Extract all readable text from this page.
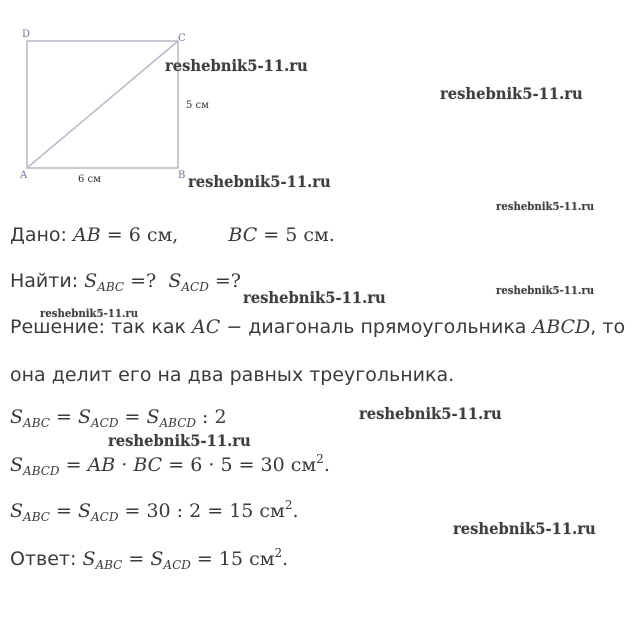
D	C
A	B
6 см
5 см
Дано: AB = 6 см,	BC = 5 см.
Найти: $S_{ABC}$ =? $S_{ACD}$ =?
Решение: так как AC − диагональ прямоугольника ABCD, то
она делит его на два равных треугольника.
$S_{ABC} = S_{ACD} = S_{ABCD}$ : 2
$S_{ABCD}$ = AB · BC = 6 · 5 = 30 $см^2$.
$S_{ABC} = S_{ACD} = 30$ : 2 = 15 $см^2$.
Ответ: $S_{ABC} = S_{ACD} = 15$ $см^2$.
reshebnik5-11.ru
reshebnik5-11.ru
reshebnik5-11.ru
reshebnik5-11.ru
reshebnik5-11.ru
reshebnik5-11.ru
reshebnik5-11.ru
reshebnik5-11.ru
reshebnik5-11.ru
reshebnik5-11.ru
